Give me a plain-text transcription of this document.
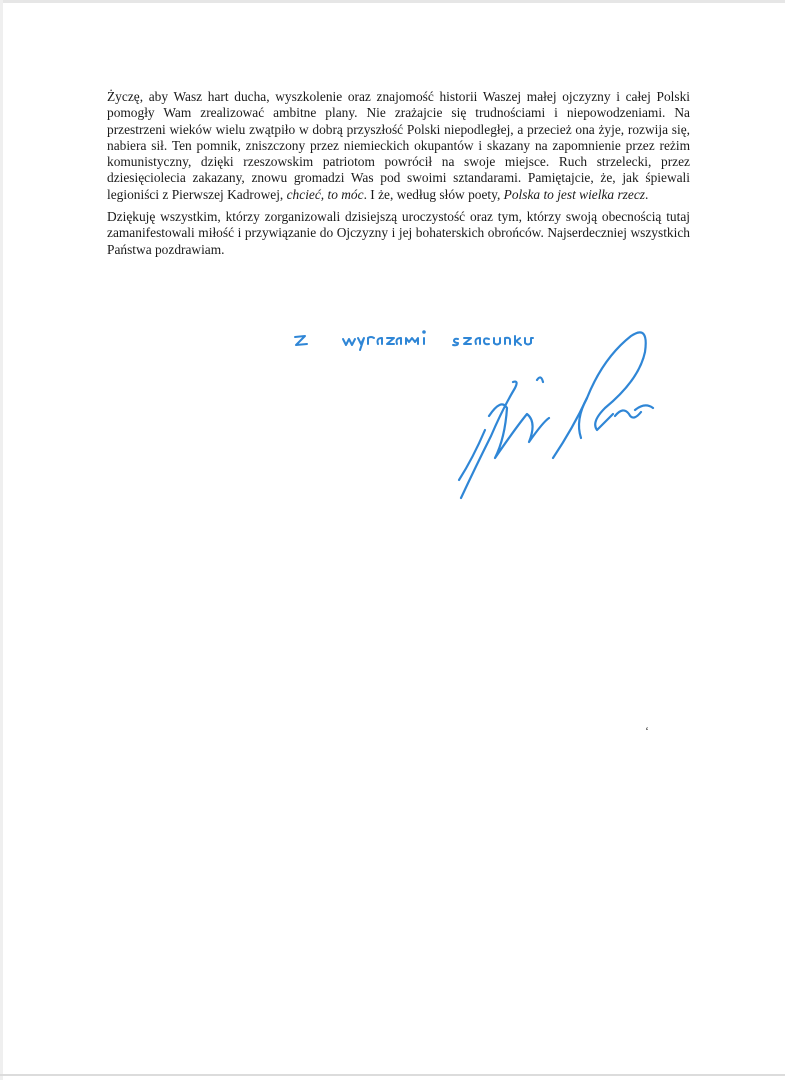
Życzę, aby Wasz hart ducha, wyszkolenie oraz znajomość historii Waszej małej ojczyzny i całej Polski pomogły Wam zrealizować ambitne plany. Nie zrażajcie się trudnościami i niepowodzeniami. Na przestrzeni wieków wielu zwątpiło w dobrą przyszłość Polski niepodległej, a przecież ona żyje, rozwija się, nabiera sił. Ten pomnik, zniszczony przez niemieckich okupantów i skazany na zapomnienie przez reżim komunistyczny, dzięki rzeszowskim patriotom powrócił na swoje miejsce. Ruch strzelecki, przez dziesięciolecia zakazany, znowu gromadzi Was pod swoimi sztandarami. Pamiętajcie, że, jak śpiewali legioniści z Pierwszej Kadrowej, chcieć, to móc. I że, według słów poety, Polska to jest wielka rzecz.

Dziękuję wszystkim, którzy zorganizowali dzisiejszą uroczystość oraz tym, którzy swoją obecnością tutaj zamanifestowali miłość i przywiązanie do Ojczyzny i jej bohaterskich obrońców. Najserdeczniej wszystkich Państwa pozdrawiam.

‘
